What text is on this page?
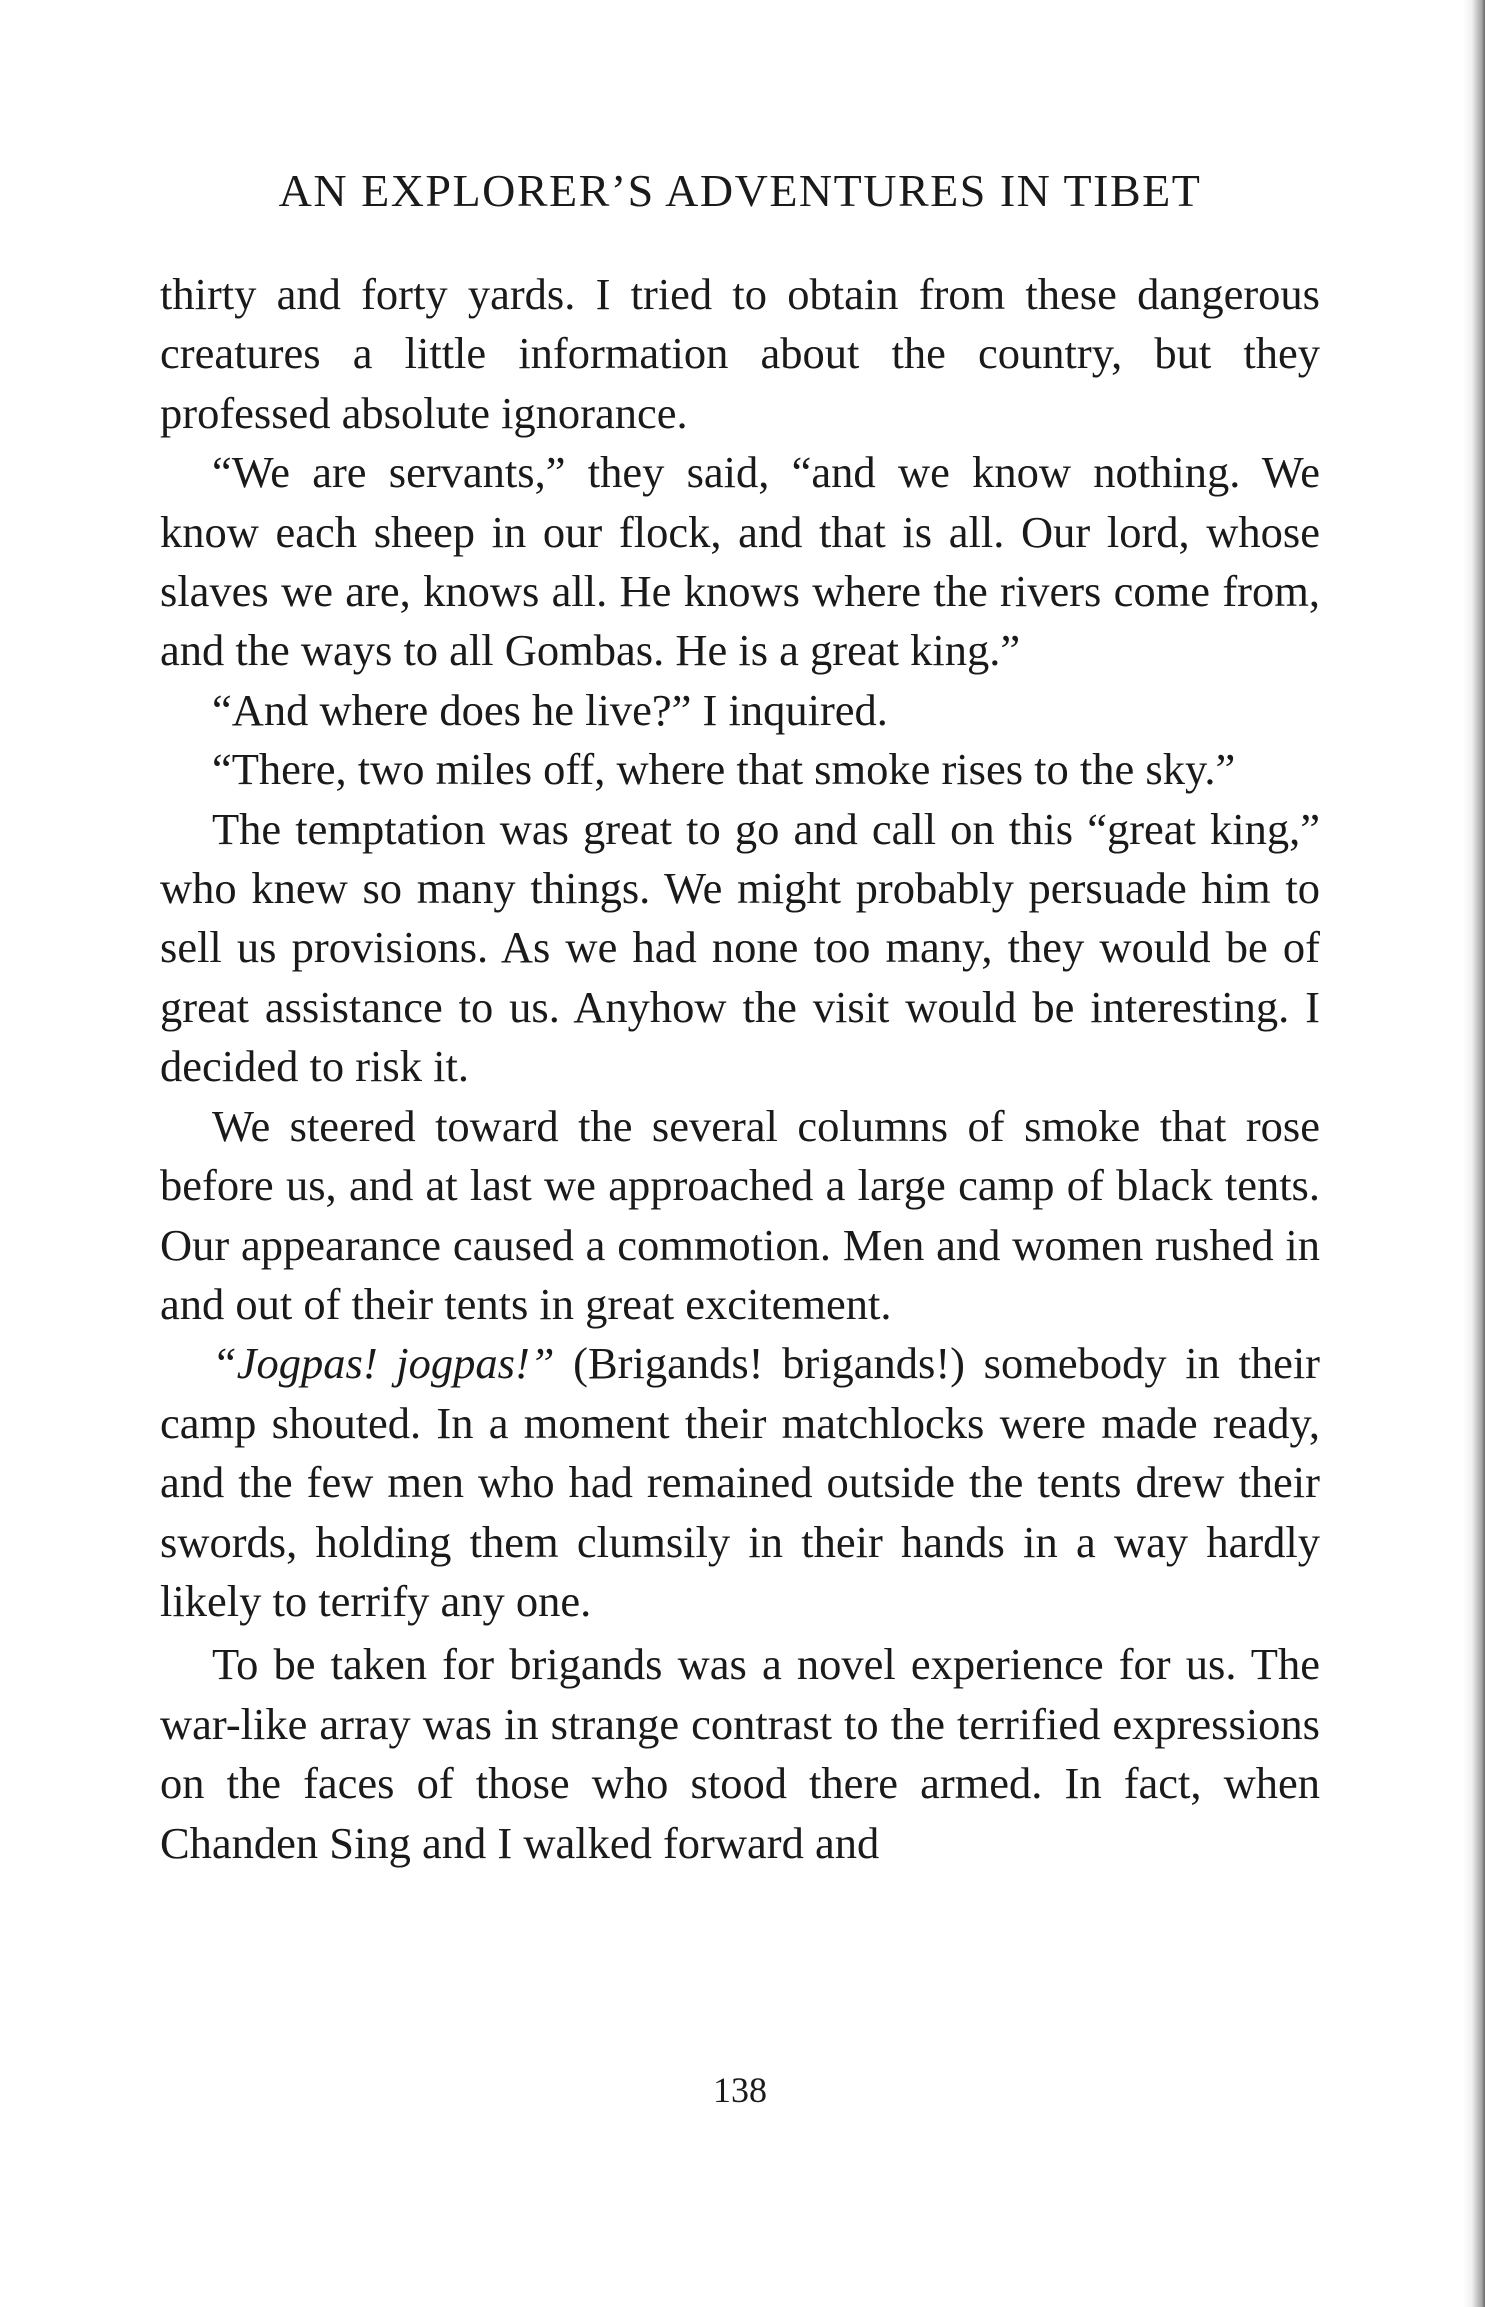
AN EXPLORER’S ADVENTURES IN TIBET

thirty and forty yards. I tried to obtain from these dangerous creatures a little information about the country, but they professed absolute ignorance.

“We are servants,” they said, “and we know nothing. We know each sheep in our flock, and that is all. Our lord, whose slaves we are, knows all. He knows where the rivers come from, and the ways to all Gombas. He is a great king.”

“And where does he live?” I inquired.

“There, two miles off, where that smoke rises to the sky.”

The temptation was great to go and call on this “great king,” who knew so many things. We might probably persuade him to sell us provisions. As we had none too many, they would be of great assistance to us. Anyhow the visit would be interesting. I decided to risk it.

We steered toward the several columns of smoke that rose before us, and at last we approached a large camp of black tents. Our appearance caused a commotion. Men and women rushed in and out of their tents in great excitement.

“Jogpas! jogpas!” (Brigands! brigands!) somebody in their camp shouted. In a moment their matchlocks were made ready, and the few men who had remained outside the tents drew their swords, holding them clumsily in their hands in a way hardly likely to terrify any one.

To be taken for brigands was a novel experience for us. The war-like array was in strange contrast to the terrified expressions on the faces of those who stood there armed. In fact, when Chanden Sing and I walked forward and

138
